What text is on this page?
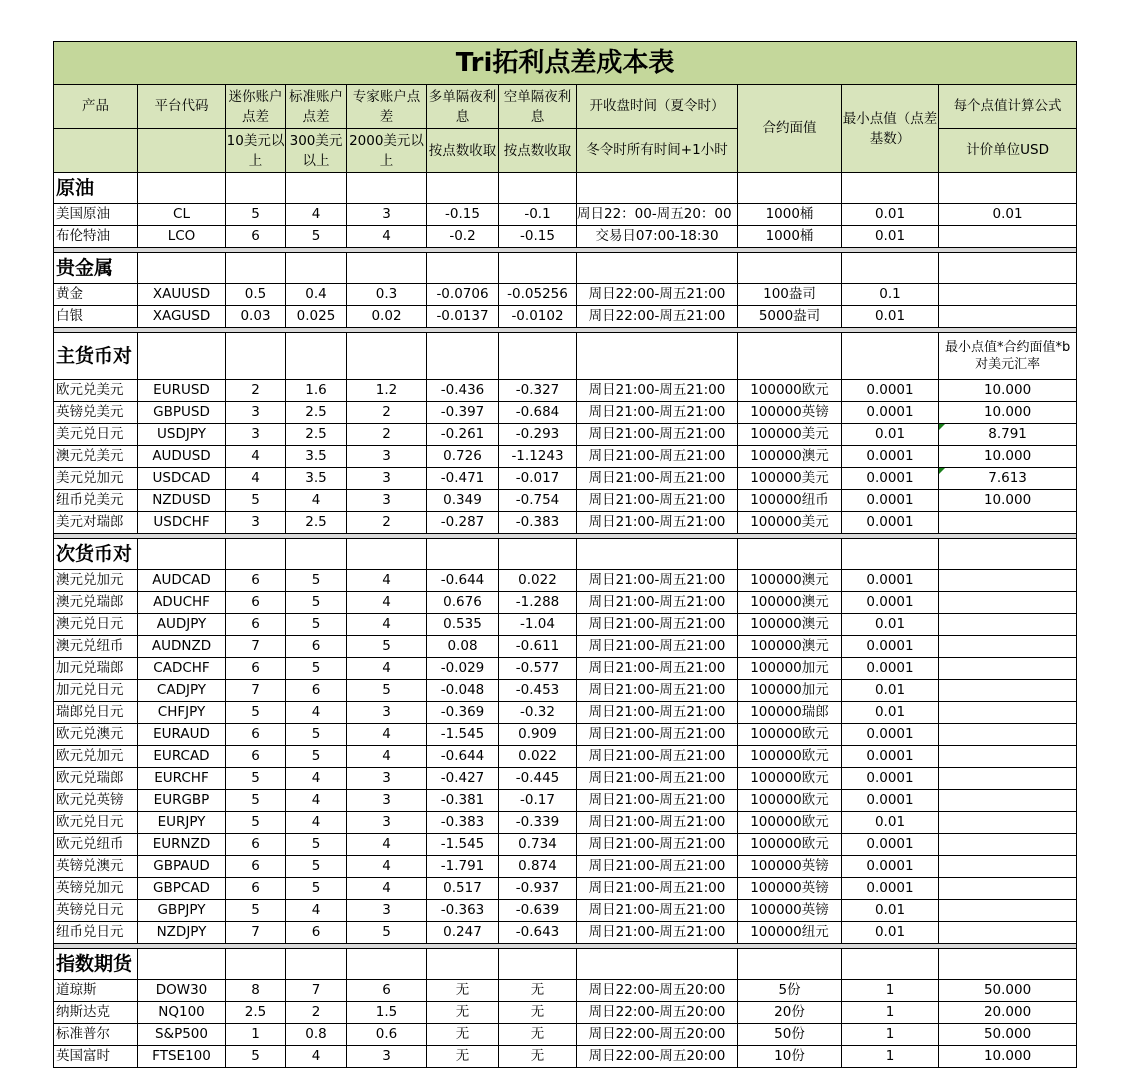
Tri拓利点差成本表										
产品	平台代码	迷你账户点差	标准账户点差	专家账户点差	多单隔夜利息	空单隔夜利息	开收盘时间（夏令时）	合约面值	最小点值（点差基数）	每个点值计算公式
		10美元以上	300美元以上	2000美元以上	按点数收取	按点数收取	冬令时所有时间+1小时			计价单位USD
原油										
美国原油	CL	5	4	3	-0.15	-0.1	周日22：00-周五20：00	1000桶	0.01	0.01
布伦特油	LCO	6	5	4	-0.2	-0.15	交易日07:00-18:30	1000桶	0.01	

贵金属										
黄金	XAUUSD	0.5	0.4	0.3	-0.0706	-0.05256	周日22:00-周五21:00	100盎司	0.1	
白银	XAGUSD	0.03	0.025	0.02	-0.0137	-0.0102	周日22:00-周五21:00	5000盎司	0.01	

主货币对										最小点值*合约面值*b对美元汇率
欧元兑美元	EURUSD	2	1.6	1.2	-0.436	-0.327	周日21:00-周五21:00	100000欧元	0.0001	10.000
英镑兑美元	GBPUSD	3	2.5	2	-0.397	-0.684	周日21:00-周五21:00	100000英镑	0.0001	10.000
美元兑日元	USDJPY	3	2.5	2	-0.261	-0.293	周日21:00-周五21:00	100000美元	0.01	8.791
澳元兑美元	AUDUSD	4	3.5	3	0.726	-1.1243	周日21:00-周五21:00	100000澳元	0.0001	10.000
美元兑加元	USDCAD	4	3.5	3	-0.471	-0.017	周日21:00-周五21:00	100000美元	0.0001	7.613
纽币兑美元	NZDUSD	5	4	3	0.349	-0.754	周日21:00-周五21:00	100000纽币	0.0001	10.000
美元对瑞郎	USDCHF	3	2.5	2	-0.287	-0.383	周日21:00-周五21:00	100000美元	0.0001	

次货币对										
澳元兑加元	AUDCAD	6	5	4	-0.644	0.022	周日21:00-周五21:00	100000澳元	0.0001	
澳元兑瑞郎	ADUCHF	6	5	4	0.676	-1.288	周日21:00-周五21:00	100000澳元	0.0001	
澳元兑日元	AUDJPY	6	5	4	0.535	-1.04	周日21:00-周五21:00	100000澳元	0.01	
澳元兑纽币	AUDNZD	7	6	5	0.08	-0.611	周日21:00-周五21:00	100000澳元	0.0001	
加元兑瑞郎	CADCHF	6	5	4	-0.029	-0.577	周日21:00-周五21:00	100000加元	0.0001	
加元兑日元	CADJPY	7	6	5	-0.048	-0.453	周日21:00-周五21:00	100000加元	0.01	
瑞郎兑日元	CHFJPY	5	4	3	-0.369	-0.32	周日21:00-周五21:00	100000瑞郎	0.01	
欧元兑澳元	EURAUD	6	5	4	-1.545	0.909	周日21:00-周五21:00	100000欧元	0.0001	
欧元兑加元	EURCAD	6	5	4	-0.644	0.022	周日21:00-周五21:00	100000欧元	0.0001	
欧元兑瑞郎	EURCHF	5	4	3	-0.427	-0.445	周日21:00-周五21:00	100000欧元	0.0001	
欧元兑英镑	EURGBP	5	4	3	-0.381	-0.17	周日21:00-周五21:00	100000欧元	0.0001	
欧元兑日元	EURJPY	5	4	3	-0.383	-0.339	周日21:00-周五21:00	100000欧元	0.01	
欧元兑纽币	EURNZD	6	5	4	-1.545	0.734	周日21:00-周五21:00	100000欧元	0.0001	
英镑兑澳元	GBPAUD	6	5	4	-1.791	0.874	周日21:00-周五21:00	100000英镑	0.0001	
英镑兑加元	GBPCAD	6	5	4	0.517	-0.937	周日21:00-周五21:00	100000英镑	0.0001	
英镑兑日元	GBPJPY	5	4	3	-0.363	-0.639	周日21:00-周五21:00	100000英镑	0.01	
纽币兑日元	NZDJPY	7	6	5	0.247	-0.643	周日21:00-周五21:00	100000纽元	0.01	

指数期货										
道琼斯	DOW30	8	7	6	无	无	周日22:00-周五20:00	5份	1	50.000
纳斯达克	NQ100	2.5	2	1.5	无	无	周日22:00-周五20:00	20份	1	20.000
标准普尔	S&P500	1	0.8	0.6	无	无	周日22:00-周五20:00	50份	1	50.000
英国富时	FTSE100	5	4	3	无	无	周日22:00-周五20:00	10份	1	10.000
